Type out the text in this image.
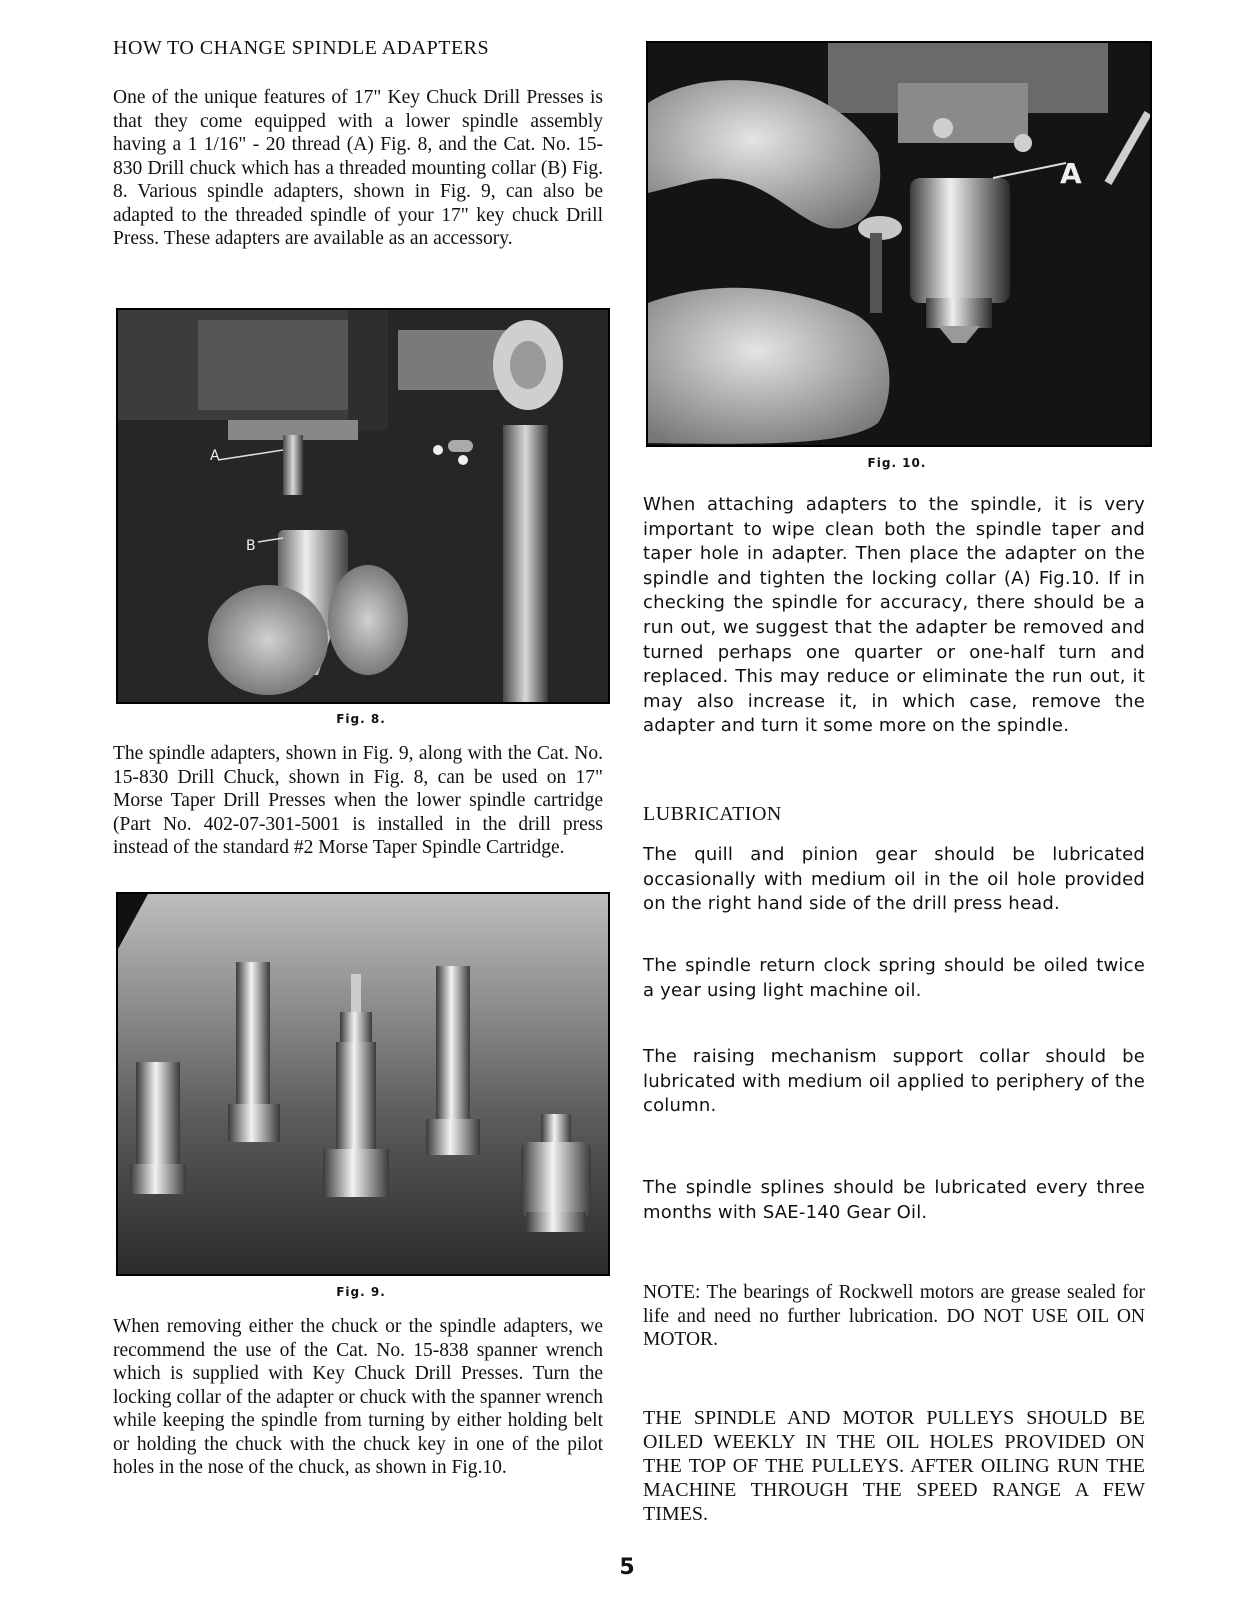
HOW TO CHANGE SPINDLE ADAPTERS
One of the unique features of 17" Key Chuck Drill Presses is that they come equipped with a lower spindle assembly having a 1 1/16" - 20 thread (A) Fig. 8, and the Cat. No. 15-830 Drill chuck which has a threaded mounting collar (B) Fig. 8. Various spindle adapters, shown in Fig. 9, can also be adapted to the threaded spindle of your 17" key chuck Drill Press. These adapters are available as an accessory.
A
B
Fig. 8.
The spindle adapters, shown in Fig. 9, along with the Cat. No. 15-830 Drill Chuck, shown in Fig. 8, can be used on 17" Morse Taper Drill Presses when the lower spindle cartridge (Part No. 402-07-301-5001 is installed in the drill press instead of the standard #2 Morse Taper Spindle Cartridge.
Fig. 9.
When removing either the chuck or the spindle adapters, we recommend the use of the Cat. No. 15-838 spanner wrench which is supplied with Key Chuck Drill Presses. Turn the locking collar of the adapter or chuck with the spanner wrench while keeping the spindle from turning by either holding belt or holding the chuck with the chuck key in one of the pilot holes in the nose of the chuck, as shown in Fig.10.
A
Fig. 10.
When attaching adapters to the spindle, it is very important to wipe clean both the spindle taper and taper hole in adapter. Then place the adapter on the spindle and tighten the locking collar (A) Fig.10. If in checking the spindle for accuracy, there should be a run out, we suggest that the adapter be removed and turned perhaps one quarter or one-half turn and replaced. This may reduce or eliminate the run out, it may also increase it, in which case, remove the adapter and turn it some more on the spindle.
LUBRICATION
The quill and pinion gear should be lubricated occasionally with medium oil in the oil hole provided on the right hand side of the drill press head.
The spindle return clock spring should be oiled twice a year using light machine oil.
The raising mechanism support collar should be lubricated with medium oil applied to periphery of the column.
The spindle splines should be lubricated every three months with SAE-140 Gear Oil.
NOTE: The bearings of Rockwell motors are grease sealed for life and need no further lubrication. DO NOT USE OIL ON MOTOR.
THE SPINDLE AND MOTOR PULLEYS SHOULD BE OILED WEEKLY IN THE OIL HOLES PROVIDED ON THE TOP OF THE PULLEYS. AFTER OILING RUN THE MACHINE THROUGH THE SPEED RANGE A FEW TIMES.
5
